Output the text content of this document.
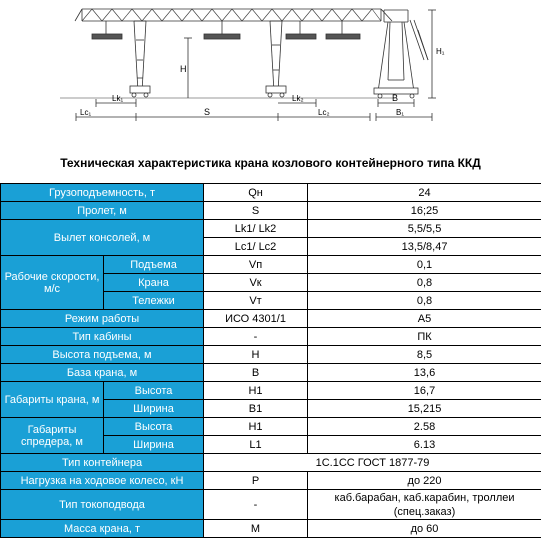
H
Lk₁
Lc₁	S
Lk₂
Lc₂
H₁
B
B₁
Техническая характеристика крана козлового контейнерного типа ККД
Грузоподъемность, т		Qн	24
Пролет, м		S	16;25
Вылет консолей, м		Lk1/ Lk2	5,5/5,5
		Lc1/ Lc2	13,5/8,47
Рабочие скорости, м/с	Подъема	Vп	0,1
	Крана	Vк	0,8
	Тележки	Vт	0,8
Режим работы		ИСО 4301/1	A5
Тип кабины		-	ПК
Высота подъема, м		H	8,5
База крана, м		B	13,6
Габариты крана, м	Высота	H1	16,7
	Ширина	B1	15,215
Габариты спредера, м	Высота	H1	2.58
	Ширина	L1	6.13
Тип контейнера		1С.1СС ГОСТ 1877-79	
Нагрузка на ходовое колесо, кН		P	до 220
Тип токоподвода		-	каб.барабан, каб.карабин, троллеи (спец.заказ)
Масса крана, т		M	до 60
